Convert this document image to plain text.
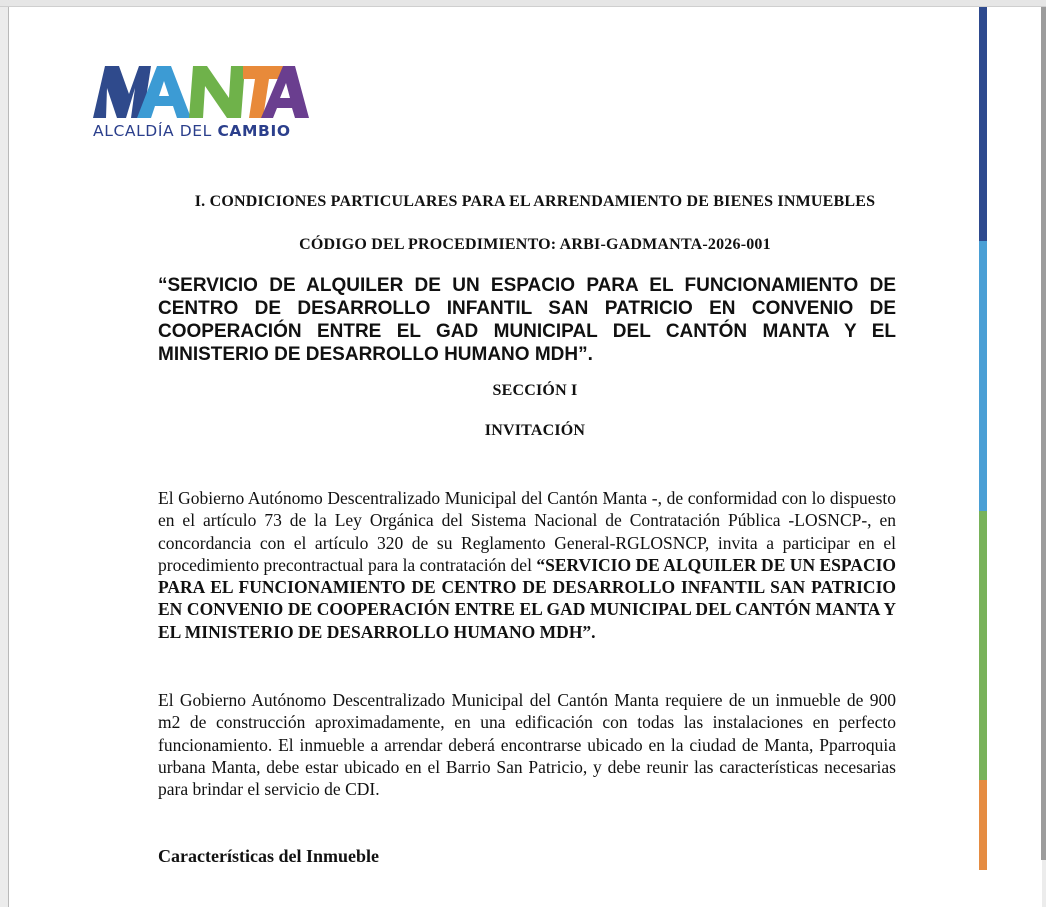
ALCALDÍA DEL CAMBIO
I. CONDICIONES PARTICULARES PARA EL ARRENDAMIENTO DE BIENES INMUEBLES
CÓDIGO DEL PROCEDIMIENTO: ARBI-GADMANTA-2026-001
“SERVICIO DE ALQUILER DE UN ESPACIO PARA EL FUNCIONAMIENTO DE CENTRO DE DESARROLLO INFANTIL SAN PATRICIO EN CONVENIO DE COOPERACIÓN ENTRE EL GAD MUNICIPAL DEL CANTÓN MANTA Y EL MINISTERIO DE DESARROLLO HUMANO MDH”.
SECCIÓN I
INVITACIÓN
El Gobierno Autónomo Descentralizado Municipal del Cantón Manta -, de conformidad con lo dispuesto en el artículo 73 de la Ley Orgánica del Sistema Nacional de Contratación Pública -LOSNCP-, en concordancia con el artículo 320 de su Reglamento General-RGLOSNCP, invita a participar en el procedimiento precontractual para la contratación del “SERVICIO DE ALQUILER DE UN ESPACIO PARA EL FUNCIONAMIENTO DE CENTRO DE DESARROLLO INFANTIL SAN PATRICIO EN CONVENIO DE COOPERACIÓN ENTRE EL GAD MUNICIPAL DEL CANTÓN MANTA Y EL MINISTERIO DE DESARROLLO HUMANO MDH”.
El Gobierno Autónomo Descentralizado Municipal del Cantón Manta requiere de un inmueble de 900 m2 de construcción aproximadamente, en una edificación con todas las instalaciones en perfecto funcionamiento. El inmueble a arrendar deberá encontrarse ubicado en la ciudad de Manta, Pparroquia urbana Manta, debe estar ubicado en el Barrio San Patricio, y debe reunir las características necesarias para brindar el servicio de CDI.
Características del Inmueble
